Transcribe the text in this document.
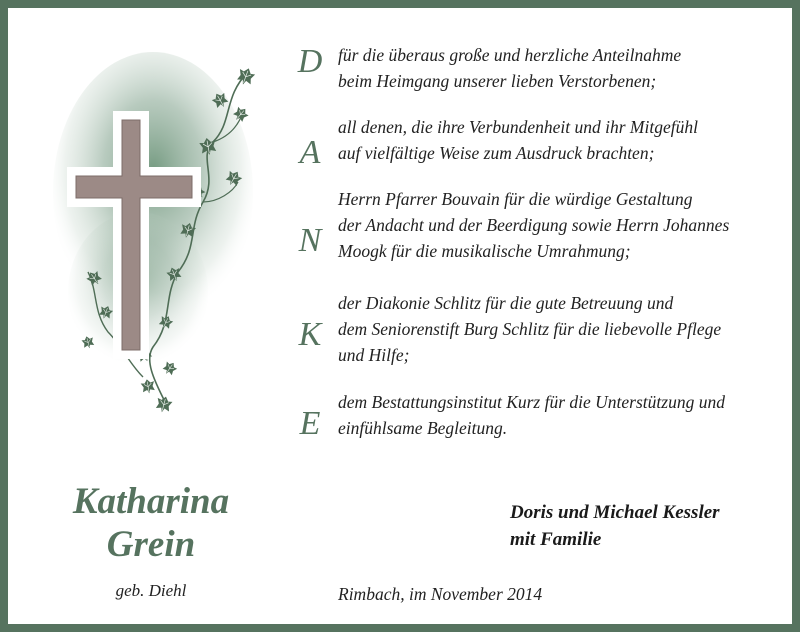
Katharina
Grein
geb. Diehl
D
A
N
K
E
für die überaus große und herzliche Anteilnahme
beim Heimgang unserer lieben Verstorbenen;
all denen, die ihre Verbundenheit und ihr Mitgefühl
auf vielfältige Weise zum Ausdruck brachten;
Herrn Pfarrer Bouvain für die würdige Gestaltung
der Andacht und der Beerdigung sowie Herrn Johannes
Moogk für die musikalische Umrahmung;
der Diakonie Schlitz für die gute Betreuung und
dem Seniorenstift Burg Schlitz für die liebevolle Pflege
und Hilfe;
dem Bestattungsinstitut Kurz für die Unterstützung und
einfühlsame Begleitung.
Doris und Michael Kessler
mit Familie
Rimbach, im November 2014
